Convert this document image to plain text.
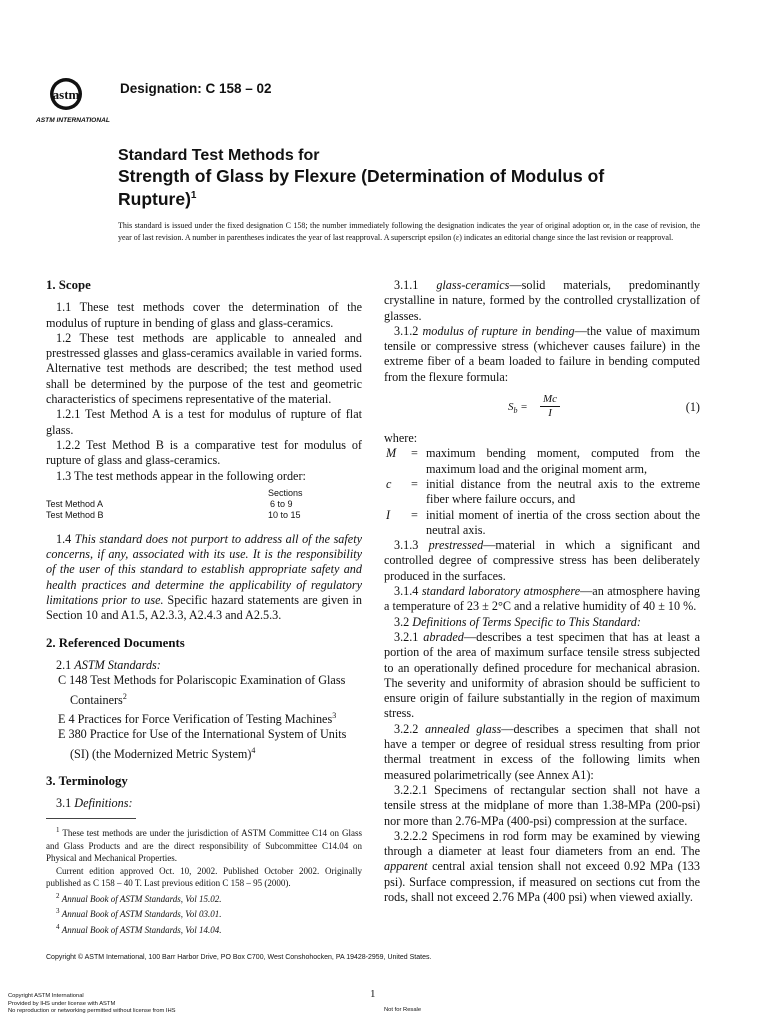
astm
ASTM INTERNATIONAL
Designation: C 158 – 02
Standard Test Methods for
Strength of Glass by Flexure (Determination of Modulus of
Rupture)$^1$
This standard is issued under the fixed designation C 158; the number immediately following the designation indicates the year of original adoption or, in the case of revision, the year of last revision. A number in parentheses indicates the year of last reapproval. A superscript epsilon (ε) indicates an editorial change since the last revision or reapproval.

1. Scope

1.1 These test methods cover the determination of the modulus of rupture in bending of glass and glass-ceramics.

1.2 These test methods are applicable to annealed and prestressed glasses and glass-ceramics available in varied forms. Alternative test methods are described; the test method used shall be determined by the purpose of the test and geometric characteristics of specimens representative of the material.

1.2.1 Test Method A is a test for modulus of rupture of flat glass.

1.2.2 Test Method B is a comparative test for modulus of rupture of glass and glass-ceramics.

1.3 The test methods appear in the following order:

Sections
Test Method A	6 to 9
Test Method B	10 to 15

1.4 This standard does not purport to address all of the safety concerns, if any, associated with its use. It is the responsibility of the user of this standard to establish appropriate safety and health practices and determine the applicability of regulatory limitations prior to use. Specific hazard statements are given in Section 10 and A1.5, A2.3.3, A2.4.3 and A2.5.3.

2. Referenced Documents

2.1 ASTM Standards:

C 148 Test Methods for Polariscopic Examination of Glass Containers$^2$

E 4 Practices for Force Verification of Testing Machines$^3$

E 380 Practice for Use of the International System of Units (SI) (the Modernized Metric System)$^4$

3. Terminology

3.1 Definitions:

$^1$ These test methods are under the jurisdiction of ASTM Committee C14 on Glass and Glass Products and are the direct responsibility of Subcommittee C14.04 on Physical and Mechanical Properties.

Current edition approved Oct. 10, 2002. Published October 2002. Originally published as C 158 – 40 T. Last previous edition C 158 – 95 (2000).

$^2$ Annual Book of ASTM Standards, Vol 15.02.

$^3$ Annual Book of ASTM Standards, Vol 03.01.

$^4$ Annual Book of ASTM Standards, Vol 14.04.

3.1.1 glass-ceramics—solid materials, predominantly crystalline in nature, formed by the controlled crystallization of glasses.

3.1.2 modulus of rupture in bending—the value of maximum tensile or compressive stress (whichever causes failure) in the extreme fiber of a beam loaded to failure in bending computed from the flexure formula:

$S_b$ =
Mc
I	(1)

where:

M = maximum bending moment, computed from the maximum load and the original moment arm,
c = initial distance from the neutral axis to the extreme fiber where failure occurs, and
I = initial moment of inertia of the cross section about the neutral axis.

3.1.3 prestressed—material in which a significant and controlled degree of compressive stress has been deliberately produced in the surfaces.

3.1.4 standard laboratory atmosphere—an atmosphere having a temperature of 23 ± 2°C and a relative humidity of 40 ± 10 %.

3.2 Definitions of Terms Specific to This Standard:

3.2.1 abraded—describes a test specimen that has at least a portion of the area of maximum surface tensile stress subjected to an operationally defined procedure for mechanical abrasion. The severity and uniformity of abrasion should be sufficient to ensure origin of failure substantially in the region of maximum stress.

3.2.2 annealed glass—describes a specimen that shall not have a temper or degree of residual stress resulting from prior thermal treatment in excess of the following limits when measured polarimetrically (see Annex A1):

3.2.2.1 Specimens of rectangular section shall not have a tensile stress at the midplane of more than 1.38-MPa (200-psi) nor more than 2.76-MPa (400-psi) compression at the surface.

3.2.2.2 Specimens in rod form may be examined by viewing through a diameter at least four diameters from an end. The apparent central axial tension shall not exceed 0.92 MPa (133 psi). Surface compression, if measured on sections cut from the rods, shall not exceed 2.76 MPa (400 psi) when viewed axially.

Copyright © ASTM International, 100 Barr Harbor Drive, PO Box C700, West Conshohocken, PA 19428-2959, United States.
1
Copyright ASTM International
Provided by IHS under license with ASTM
No reproduction or networking permitted without license from IHS	Not for Resale
